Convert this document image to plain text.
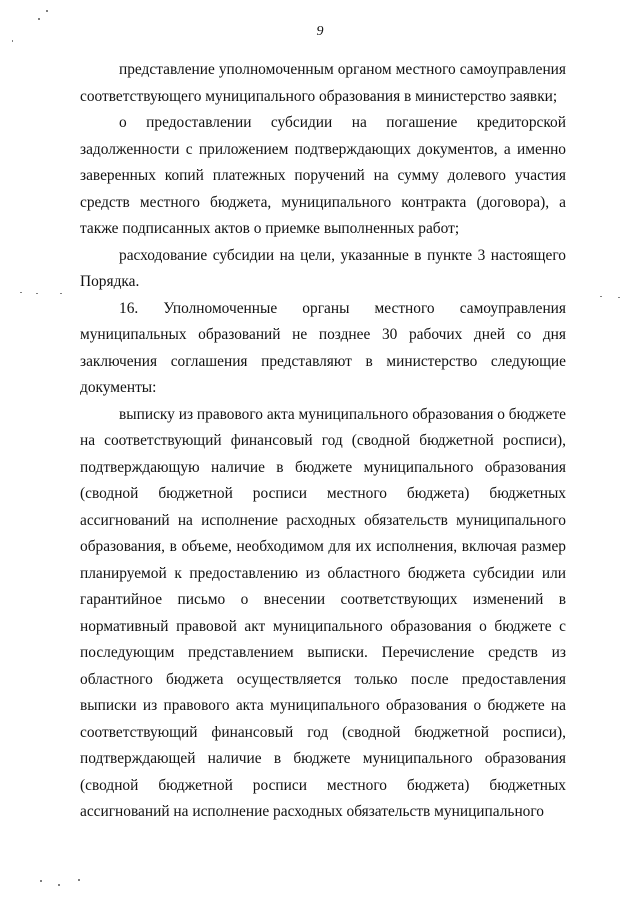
9

представление уполномоченным органом местного самоуправления соответствующего муниципального образования в министерство заявки;

о предоставлении субсидии на погашение кредиторской задолженности с приложением подтверждающих документов, а именно заверенных копий платежных поручений на сумму долевого участия средств местного бюджета, муниципального контракта (договора), а также подписанных актов о приемке выполненных работ;

расходование субсидии на цели, указанные в пункте 3 настоящего Порядка.

16. Уполномоченные органы местного самоуправления муниципальных образований не позднее 30 рабочих дней со дня заключения соглашения представляют в министерство следующие документы:

выписку из правового акта муниципального образования о бюджете на соответствующий финансовый год (сводной бюджетной росписи), подтверждающую наличие в бюджете муниципального образования (сводной бюджетной росписи местного бюджета) бюджетных ассигнований на исполнение расходных обязательств муниципального образования, в объеме, необходимом для их исполнения, включая размер планируемой к предоставлению из областного бюджета субсидии или гарантийное письмо о внесении соответствующих изменений в нормативный правовой акт муниципального образования о бюджете с последующим представлением выписки. Перечисление средств из областного бюджета осуществляется только после предоставления выписки из правового акта муниципального образования о бюджете на соответствующий финансовый год (сводной бюджетной росписи), подтверждающей наличие в бюджете муниципального образования (сводной бюджетной росписи местного бюджета) бюджетных ассигнований на исполнение расходных обязательств муниципального
